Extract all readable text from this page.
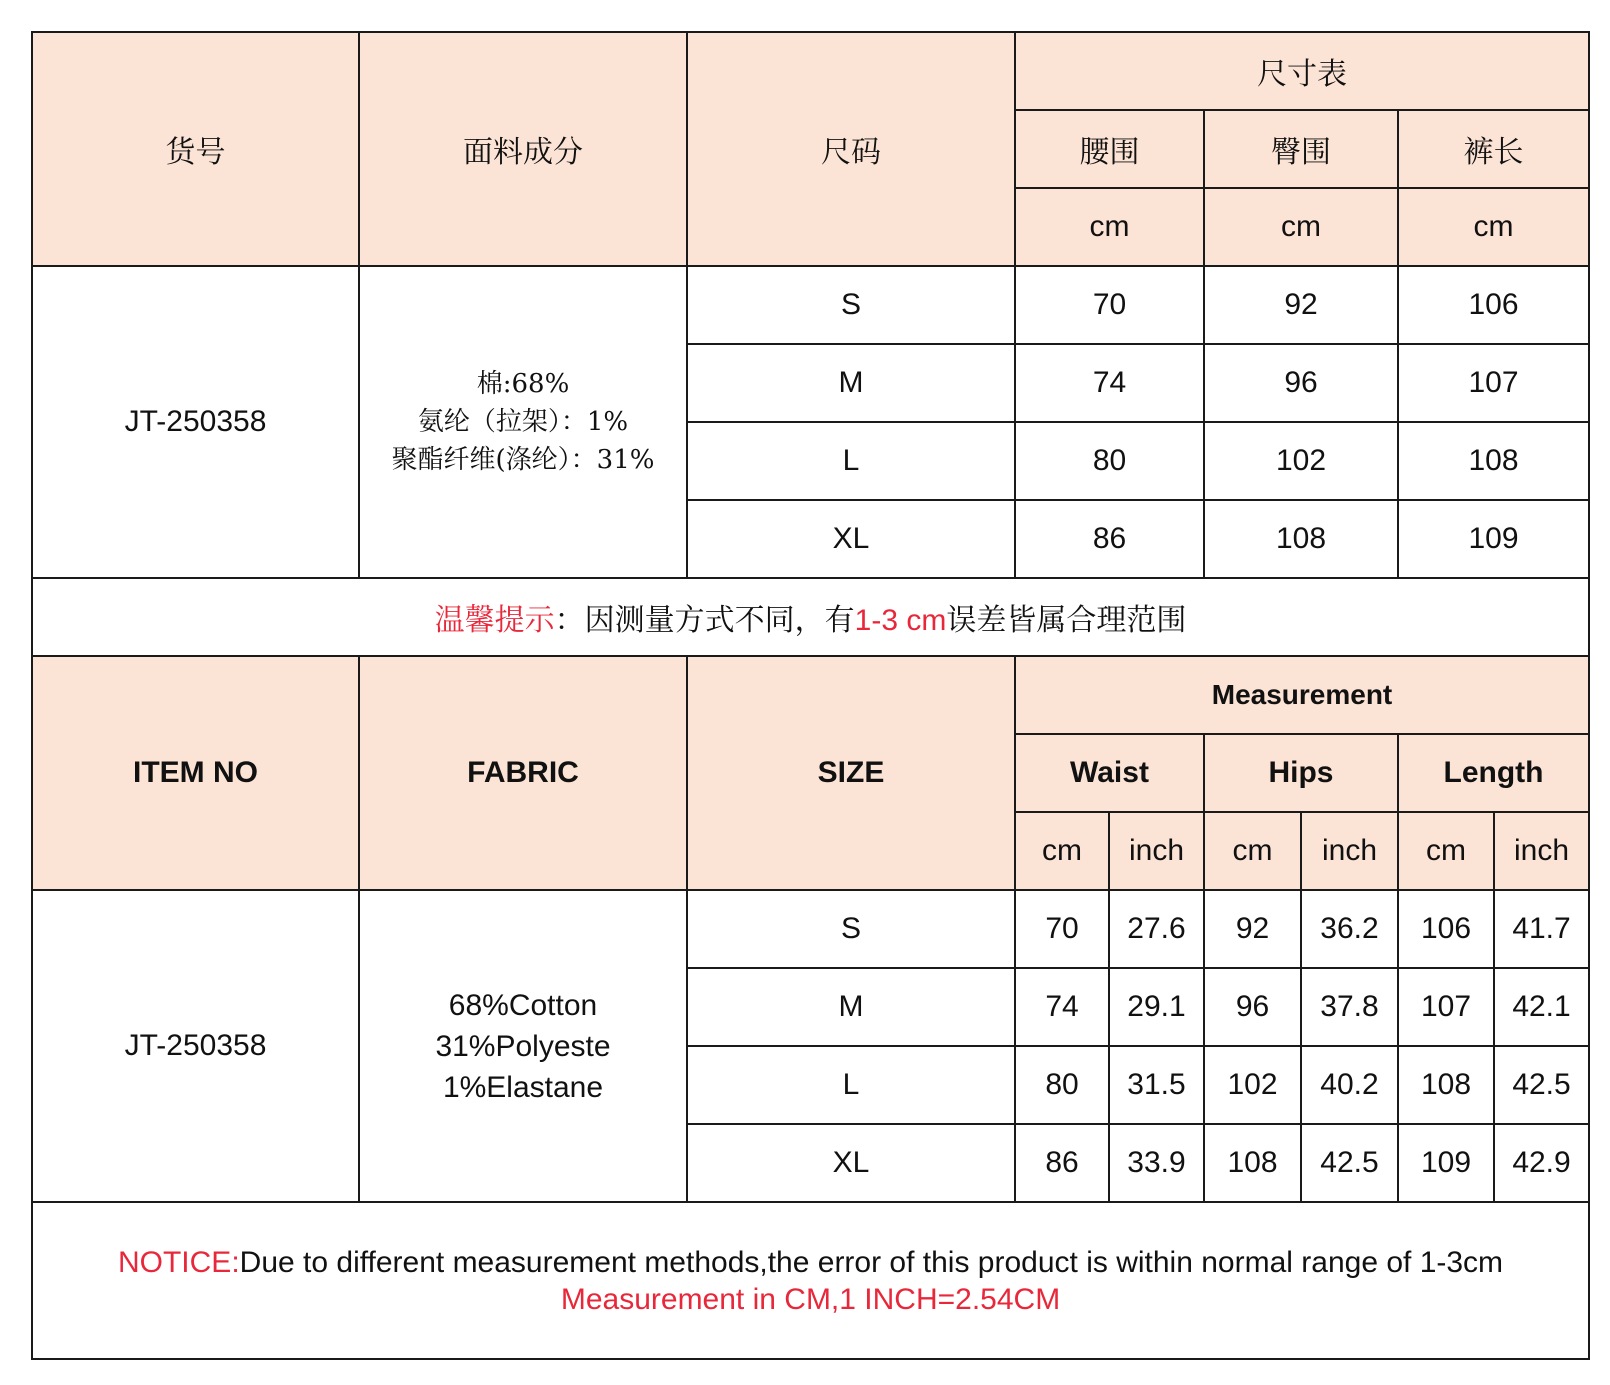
货号	面料成分	尺码	尺寸表					
			腰围		臀围		裤长	
			cm		cm		cm	
JT-250358	棉:68%
氨纶（拉架）：1%
聚酯纤维(涤纶）：31%	S	70		92		106	
		M	74		96		107	
		L	80		102		108	
		XL	86		108		109	
温馨提示：因测量方式不同，有1-3 cm误差皆属合理范围								
ITEM NO	FABRIC	SIZE	Measurement					
			Waist		Hips		Length	
			cm	inch	cm	inch	cm	inch
JT-250358	68%Cotton
31%Polyeste
1%Elastane	S	70	27.6	92	36.2	106	41.7
		M	74	29.1	96	37.8	107	42.1
		L	80	31.5	102	40.2	108	42.5
		XL	86	33.9	108	42.5	109	42.9

NOTICE:Due to different measurement methods,the error of this product is within normal range of 1-3cm
Measurement in CM,1 INCH=2.54CM								
